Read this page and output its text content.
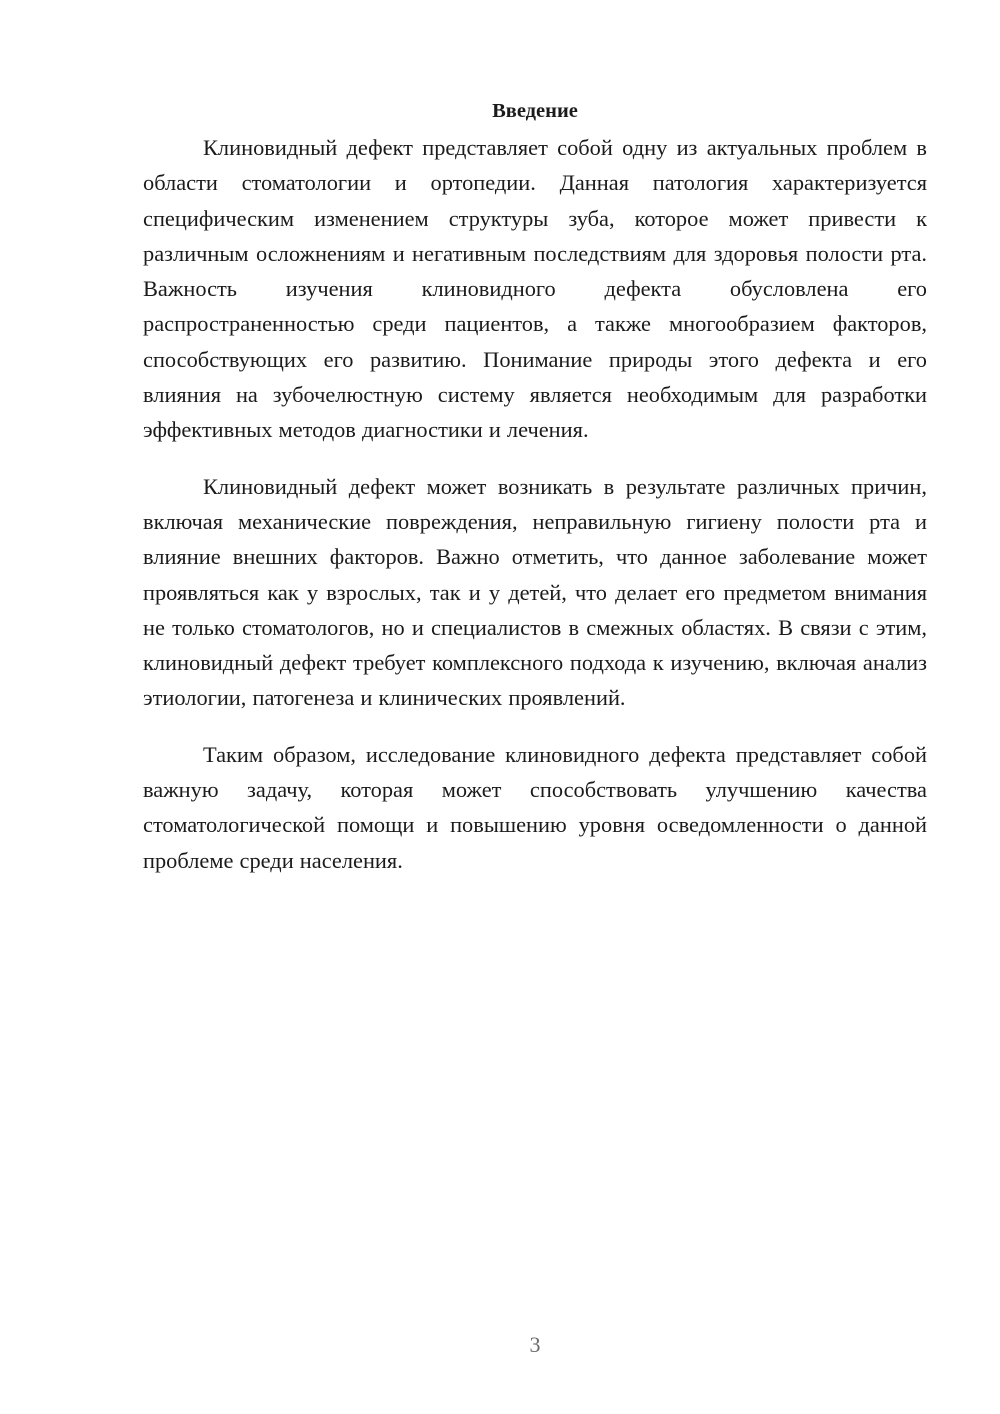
Введение

Клиновидный дефект представляет собой одну из актуальных проблем в области стоматологии и ортопедии. Данная патология характеризуется специфическим изменением структуры зуба, которое может привести к различным осложнениям и негативным последствиям для здоровья полости рта. Важность изучения клиновидного дефекта обусловлена его распространенностью среди пациентов, а также многообразием факторов, способствующих его развитию. Понимание природы этого дефекта и его влияния на зубочелюстную систему является необходимым для разработки эффективных методов диагностики и лечения.

Клиновидный дефект может возникать в результате различных причин, включая механические повреждения, неправильную гигиену полости рта и влияние внешних факторов. Важно отметить, что данное заболевание может проявляться как у взрослых, так и у детей, что делает его предметом внимания не только стоматологов, но и специалистов в смежных областях. В связи с этим, клиновидный дефект требует комплексного подхода к изучению, включая анализ этиологии, патогенеза и клинических проявлений.

Таким образом, исследование клиновидного дефекта представляет собой важную задачу, которая может способствовать улучшению качества стоматологической помощи и повышению уровня осведомленности о данной проблеме среди населения.

3
